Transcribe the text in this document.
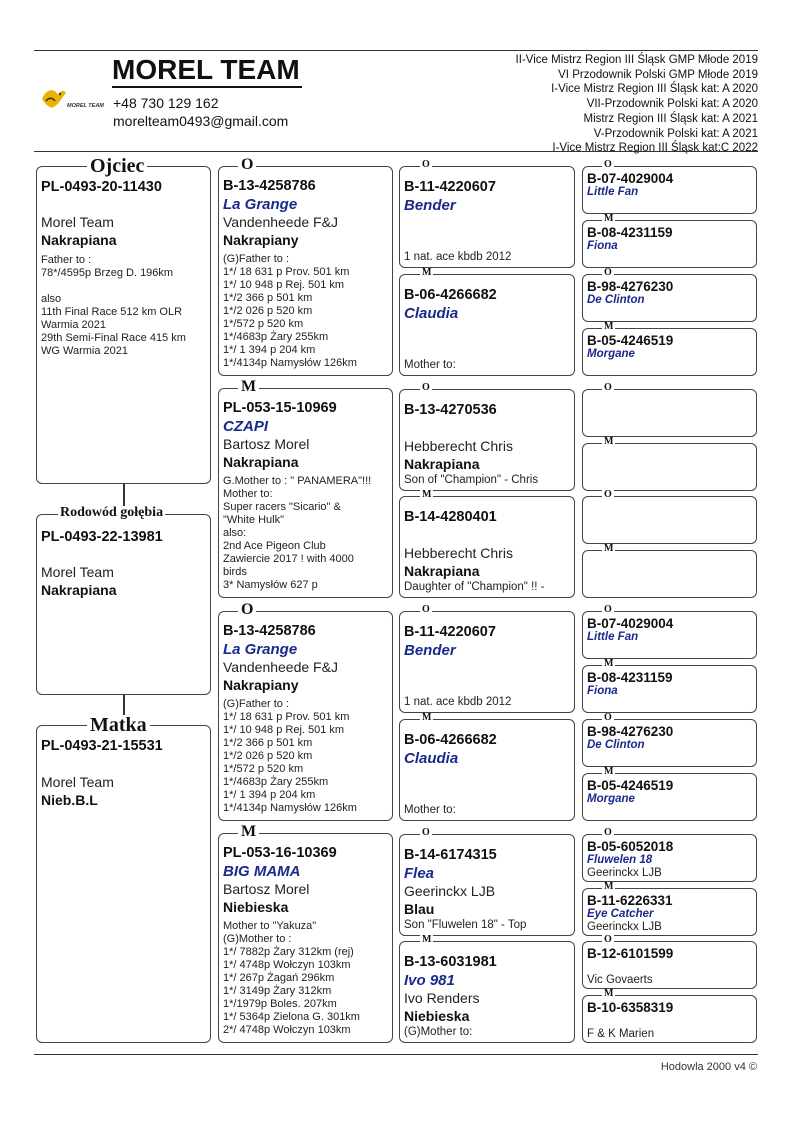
MOREL TEAM
MOREL TEAM
+48 730 129 162
morelteam0493@gmail.com
II-Vice Mistrz Region III Śląsk GMP Młode 2019
VI Przodownik Polski GMP Młode 2019
I-Vice Mistrz Region III Śląsk kat: A 2020
VII-Przodownik Polski kat: A 2020
Mistrz Region III Śląsk kat: A 2021
V-Przodownik Polski kat: A 2021
I-Vice Mistrz Region III Śląsk kat:C 2022
PL-0493-20-11430
Morel Team
Nakrapiana
Father to :
78*/4595p Brzeg D. 196km

also
11th Final Race 512 km OLR
Warmia 2021
29th Semi-Final Race 415 km
WG Warmia 2021
Ojciec
PL-0493-22-13981
Morel Team
Nakrapiana
Rodowód gołębia
PL-0493-21-15531
Morel Team
Nieb.B.L
Matka
B-13-4258786
La Grange
Vandenheede F&J
Nakrapiany
(G)Father to :
1*/ 18 631 p Prov. 501 km
1*/ 10 948 p Rej. 501 km
1*/2 366 p 501 km
1*/2 026 p 520 km
1*/572 p 520 km
1*/4683p Żary 255km
1*/ 1 394 p 204 km
1*/4134p Namysłów 126km
O
PL-053-15-10969
CZAPI
Bartosz Morel
Nakrapiana
G.Mother to : " PANAMERA"!!!
Mother to:
Super racers "Sicario" &
"White Hulk"
also:
2nd Ace Pigeon Club
Zawiercie 2017 ! with 4000
birds
3* Namysłów 627 p
M
B-13-4258786
La Grange
Vandenheede F&J
Nakrapiany
(G)Father to :
1*/ 18 631 p Prov. 501 km
1*/ 10 948 p Rej. 501 km
1*/2 366 p 501 km
1*/2 026 p 520 km
1*/572 p 520 km
1*/4683p Żary 255km
1*/ 1 394 p 204 km
1*/4134p Namysłów 126km
O
PL-053-16-10369
BIG MAMA
Bartosz Morel
Niebieska
Mother to "Yakuza"
(G)Mother to :
1*/ 7882p Żary 312km (rej)
1*/ 4748p Wołczyn 103km
1*/ 267p Żagań 296km
1*/ 3149p Żary 312km
1*/1979p Boles. 207km
1*/ 5364p Zielona G. 301km
2*/ 4748p Wołczyn 103km
M
B-11-4220607
Bender
1 nat. ace kbdb 2012
O
B-06-4266682
Claudia
Mother to:
M
B-13-4270536
Hebberecht Chris
Nakrapiana
Son of "Champion" - Chris
O
B-14-4280401
Hebberecht Chris
Nakrapiana
Daughter of "Champion" !! -
M
B-11-4220607
Bender
1 nat. ace kbdb 2012
O
B-06-4266682
Claudia
Mother to:
M
B-14-6174315
Flea
Geerinckx LJB
Blau
Son "Fluwelen 18" - Top
O
B-13-6031981
Ivo 981
Ivo Renders
Niebieska
(G)Mother to:
M
B-07-4029004
Little Fan
O
B-08-4231159
Fiona
M
B-98-4276230
De Clinton
O
B-05-4246519
Morgane
M
O
M
O
M
B-07-4029004
Little Fan
O
B-08-4231159
Fiona
M
B-98-4276230
De Clinton
O
B-05-4246519
Morgane
M
B-05-6052018
Fluwelen 18
Geerinckx LJB
O
B-11-6226331
Eye Catcher
Geerinckx LJB
M
B-12-6101599
Vic Govaerts
O
B-10-6358319
F & K Marien
M
Hodowla 2000 v4 ©
